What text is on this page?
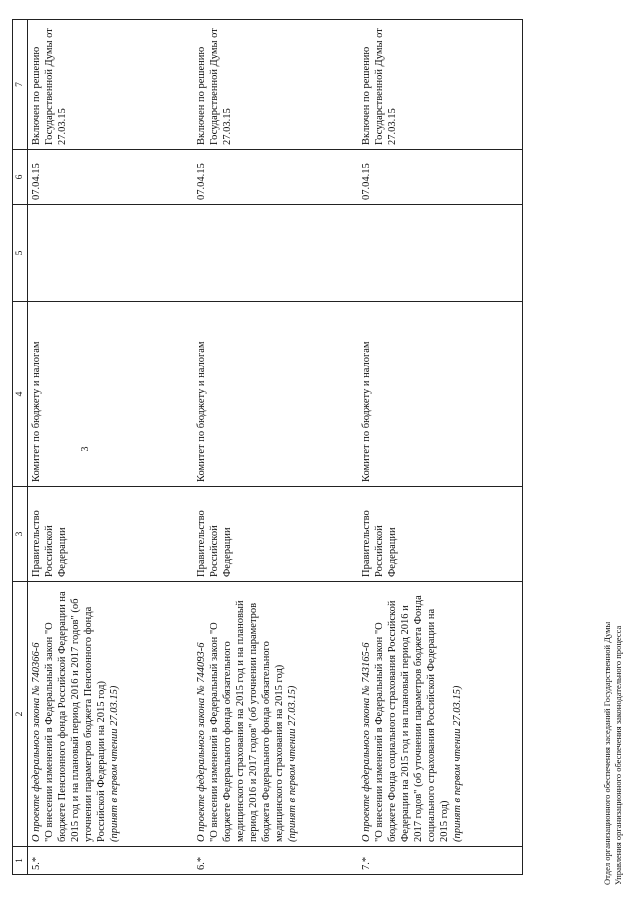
3
1	2	3	4	5	6	7
5.*	О проекте федерального закона № 740366-6 "О внесении изменений в Федеральный закон "О бюджете Пенсионного фонда Российской Федерации на 2015 год и на плановый период 2016 и 2017 годов" (об уточнении параметров бюджета Пенсионного фонда Российской Федерации на 2015 год) (принят в первом чтении 27.03.15)	Правительство Российской Федерации	Комитет по бюджету и налогам		07.04.15	Включен по решению Государственной Думы от 27.03.15
6.*	О проекте федерального закона № 744093-6 "О внесении изменений в Федеральный закон "О бюджете Федерального фонда обязательного медицинского страхования на 2015 год и на плановый период 2016 и 2017 годов" (об уточнении параметров бюджета Федерального фонда обязательного медицинского страхования на 2015 год) (принят в первом чтении 27.03.15)	Правительство Российской Федерации	Комитет по бюджету и налогам		07.04.15	Включен по решению Государственной Думы от 27.03.15
7.*	О проекте федерального закона № 743165-6 "О внесении изменений в Федеральный закон "О бюджете Фонда социального страхования Российской Федерации на 2015 год и на плановый период 2016 и 2017 годов" (об уточнении параметров бюджета Фонда социального страхования Российской Федерации на 2015 год) (принят в первом чтении 27.03.15)	Правительство Российской Федерации	Комитет по бюджету и налогам		07.04.15	Включен по решению Государственной Думы от 27.03.15
Отдел организационного обеспечения заседаний Государственной Думы Управления организационного обеспечения законодательного процесса
